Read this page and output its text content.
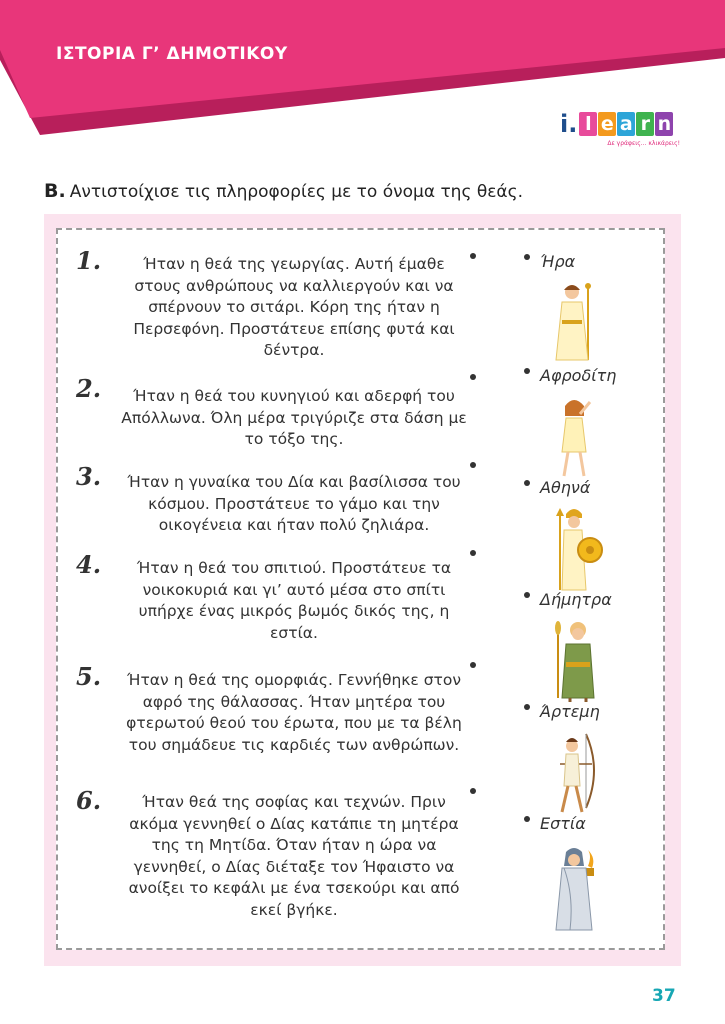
ΙΣΤΟΡΙΑ Γ’ ΔΗΜΟΤΙΚΟΥ
i. l e a r n
Δε γράφεις... κλικάρεις!
Β. Αντιστοίχισε τις πληροφορίες με το όνομα της θεάς.
1.	Ήταν η θεά της γεωργίας. Αυτή έμαθε στους ανθρώπους να καλλιεργούν και να σπέρνουν το σιτάρι. Κόρη της ήταν η Περσεφόνη. Προστάτευε επίσης φυτά και δέντρα.
2.	Ήταν η θεά του κυνηγιού και αδερφή του Απόλλωνα. Όλη μέρα τριγύριζε στα δάση με το τόξο της.
3.	Ήταν η γυναίκα του Δία και βασίλισσα του κόσμου. Προστάτευε το γάμο και την οικογένεια και ήταν πολύ ζηλιάρα.
4.	Ήταν η θεά του σπιτιού. Προστάτευε τα νοικοκυριά και γι’ αυτό μέσα στο σπίτι υπήρχε ένας μικρός βωμός δικός της, η εστία.
5.	Ήταν η θεά της ομορφιάς. Γεννήθηκε στον αφρό της θάλασσας. Ήταν μητέρα του φτερωτού θεού του έρωτα, που με τα βέλη του σημάδευε τις καρδιές των ανθρώπων.
6.	Ήταν θεά της σοφίας και τεχνών. Πριν ακόμα γεννηθεί ο Δίας κατάπιε τη μητέρα της τη Μητίδα. Όταν ήταν η ώρα να γεννηθεί, ο Δίας διέταξε τον Ήφαιστο να ανοίξει το κεφάλι με ένα τσεκούρι και από εκεί βγήκε.
Ήρα
Αφροδίτη
Αθηνά
Δήμητρα
Άρτεμη
Εστία
37
